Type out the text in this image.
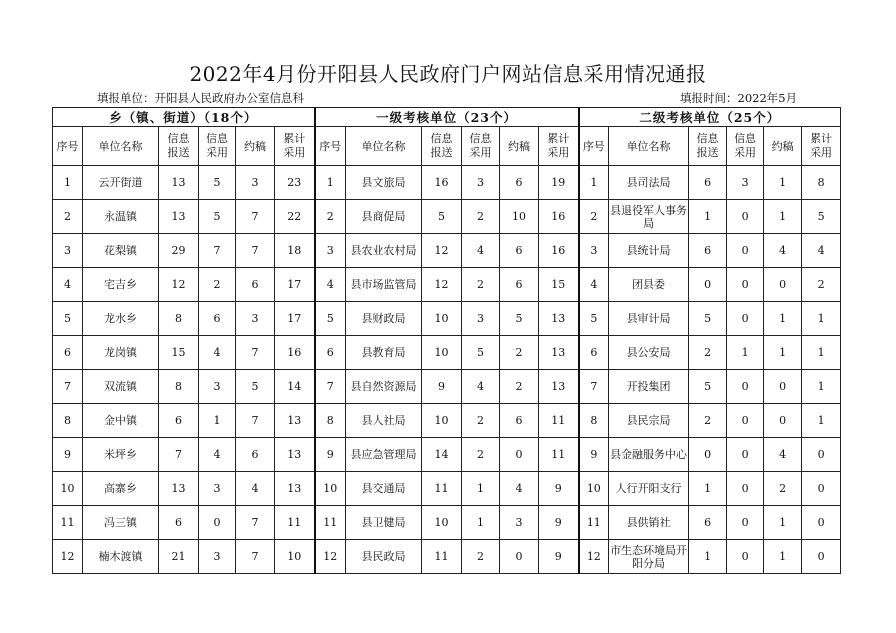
2022年4月份开阳县人民政府门户网站信息采用情况通报
填报单位：开阳县人民政府办公室信息科	填报时间：2022年5月
乡（镇、街道）（18个）						一级考核单位（23个）						二级考核单位（25个）					
序号	单位名称	信息报送	信息采用	约稿	累计采用	序号	单位名称	信息报送	信息采用	约稿	累计采用	序号	单位名称	信息报送	信息采用	约稿	累计采用
1	云开街道	13	5	3	23	1	县文旅局	16	3	6	19	1	县司法局	6	3	1	8
2	永温镇	13	5	7	22	2	县商促局	5	2	10	16	2	县退役军人事务局	1	0	1	5
3	花梨镇	29	7	7	18	3	县农业农村局	12	4	6	16	3	县统计局	6	0	4	4
4	宅吉乡	12	2	6	17	4	县市场监管局	12	2	6	15	4	团县委	0	0	0	2
5	龙水乡	8	6	3	17	5	县财政局	10	3	5	13	5	县审计局	5	0	1	1
6	龙岗镇	15	4	7	16	6	县教育局	10	5	2	13	6	县公安局	2	1	1	1
7	双流镇	8	3	5	14	7	县自然资源局	9	4	2	13	7	开投集团	5	0	0	1
8	金中镇	6	1	7	13	8	县人社局	10	2	6	11	8	县民宗局	2	0	0	1
9	米坪乡	7	4	6	13	9	县应急管理局	14	2	0	11	9	县金融服务中心	0	0	4	0
10	高寨乡	13	3	4	13	10	县交通局	11	1	4	9	10	人行开阳支行	1	0	2	0
11	冯三镇	6	0	7	11	11	县卫健局	10	1	3	9	11	县供销社	6	0	1	0
12	楠木渡镇	21	3	7	10	12	县民政局	11	2	0	9	12	市生态环境局开阳分局	1	0	1	0
